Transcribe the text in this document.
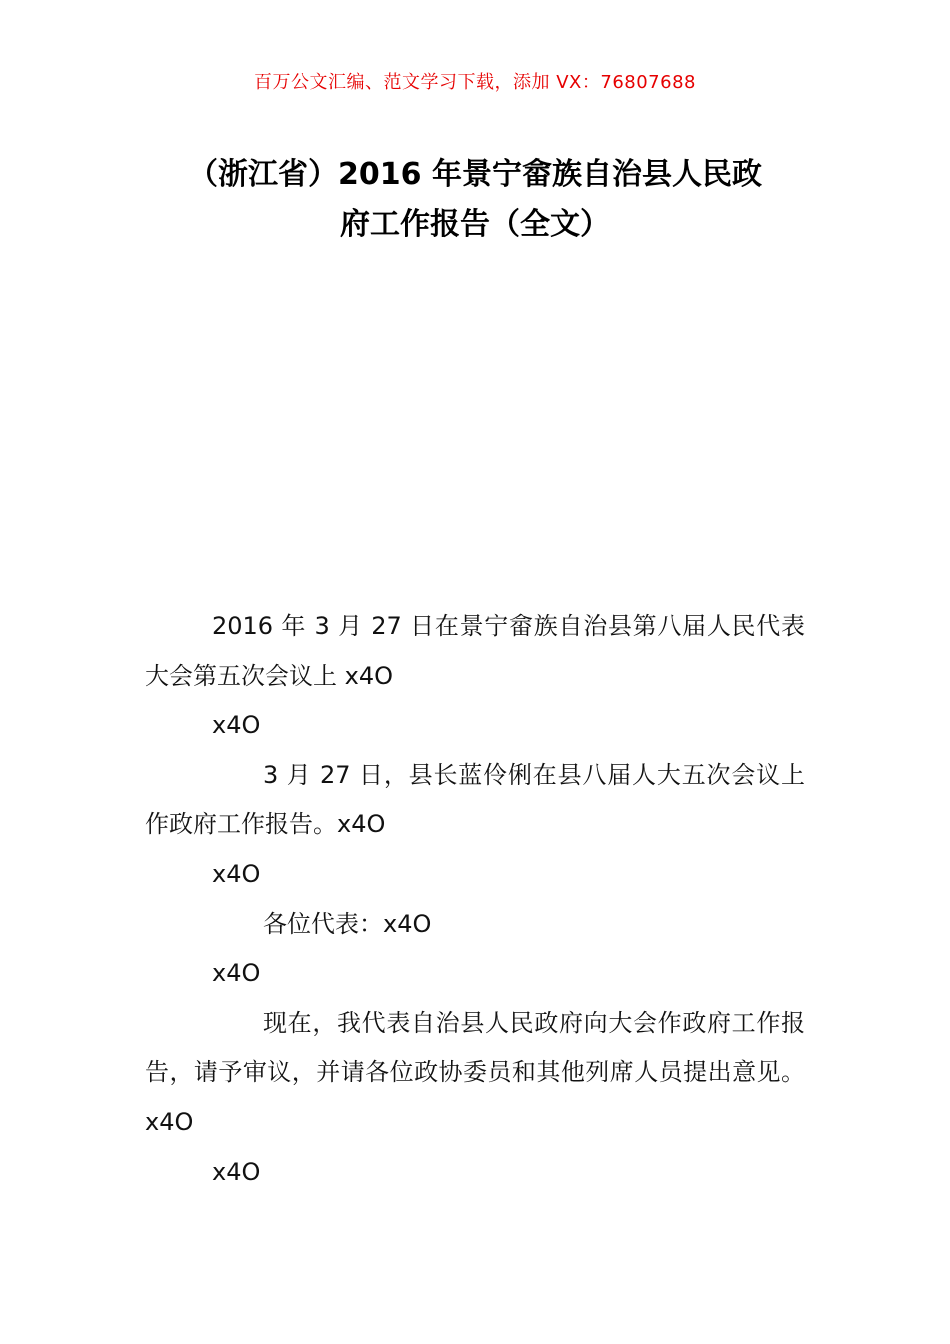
百万公文汇编、范文学习下载，添加 VX：76807688
（浙江省）2016 年景宁畲族自治县人民政
府工作报告（全文）

2016 年 3 月 27 日在景宁畲族自治县第八届人民代表大会第五次会议上 x4O

x4O

3 月 27 日，县长蓝伶俐在县八届人大五次会议上作政府工作报告。x4O

x4O

各位代表：x4O

x4O

现在，我代表自治县人民政府向大会作政府工作报告，请予审议，并请各位政协委员和其他列席人员提出意见。x4O

x4O
